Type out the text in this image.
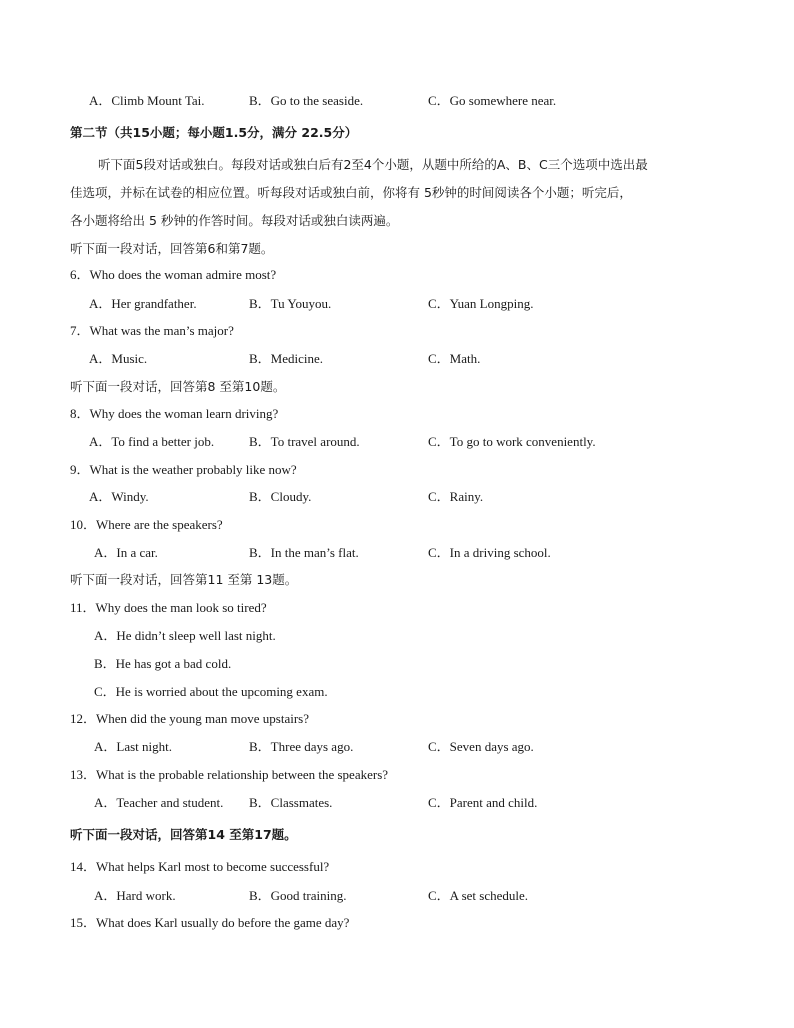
A．Climb Mount Tai.	B．Go to the seaside.	C．Go somewhere near.
第二节（共15小题；每小题1.5分，满分 22.5分）
听下面5段对话或独白。每段对话或独白后有2至4个小题，从题中所给的A、B、C三个选项中选出最
佳选项，并标在试卷的相应位置。听每段对话或独白前，你将有 5秒钟的时间阅读各个小题；听完后，
各小题将给出 5 秒钟的作答时间。每段对话或独白读两遍。
听下面一段对话，回答第6和第7题。
6．Who does the woman admire most?
A．Her grandfather.	B．Tu Youyou.	C．Yuan Longping.
7．What was the man’s major?
A．Music.	B．Medicine.	C．Math.
听下面一段对话，回答第8 至第10题。
8．Why does the woman learn driving?
A．To find a better job.	B．To travel around.	C．To go to work conveniently.
9．What is the weather probably like now?
A．Windy.	B．Cloudy.	C．Rainy.
10．Where are the speakers?
A．In a car.	B．In the man’s flat.	C．In a driving school.
听下面一段对话，回答第11 至第 13题。
11．Why does the man look so tired?
A．He didn’t sleep well last night.
B．He has got a bad cold.
C．He is worried about the upcoming exam.
12．When did the young man move upstairs?
A．Last night.	B．Three days ago.	C．Seven days ago.
13．What is the probable relationship between the speakers?
A．Teacher and student. B．Classmates.	C．Parent and child.
听下面一段对话，回答第14 至第17题。
14．What helps Karl most to become successful?
A．Hard work.	B．Good training.	C．A set schedule.
15．What does Karl usually do before the game day?
